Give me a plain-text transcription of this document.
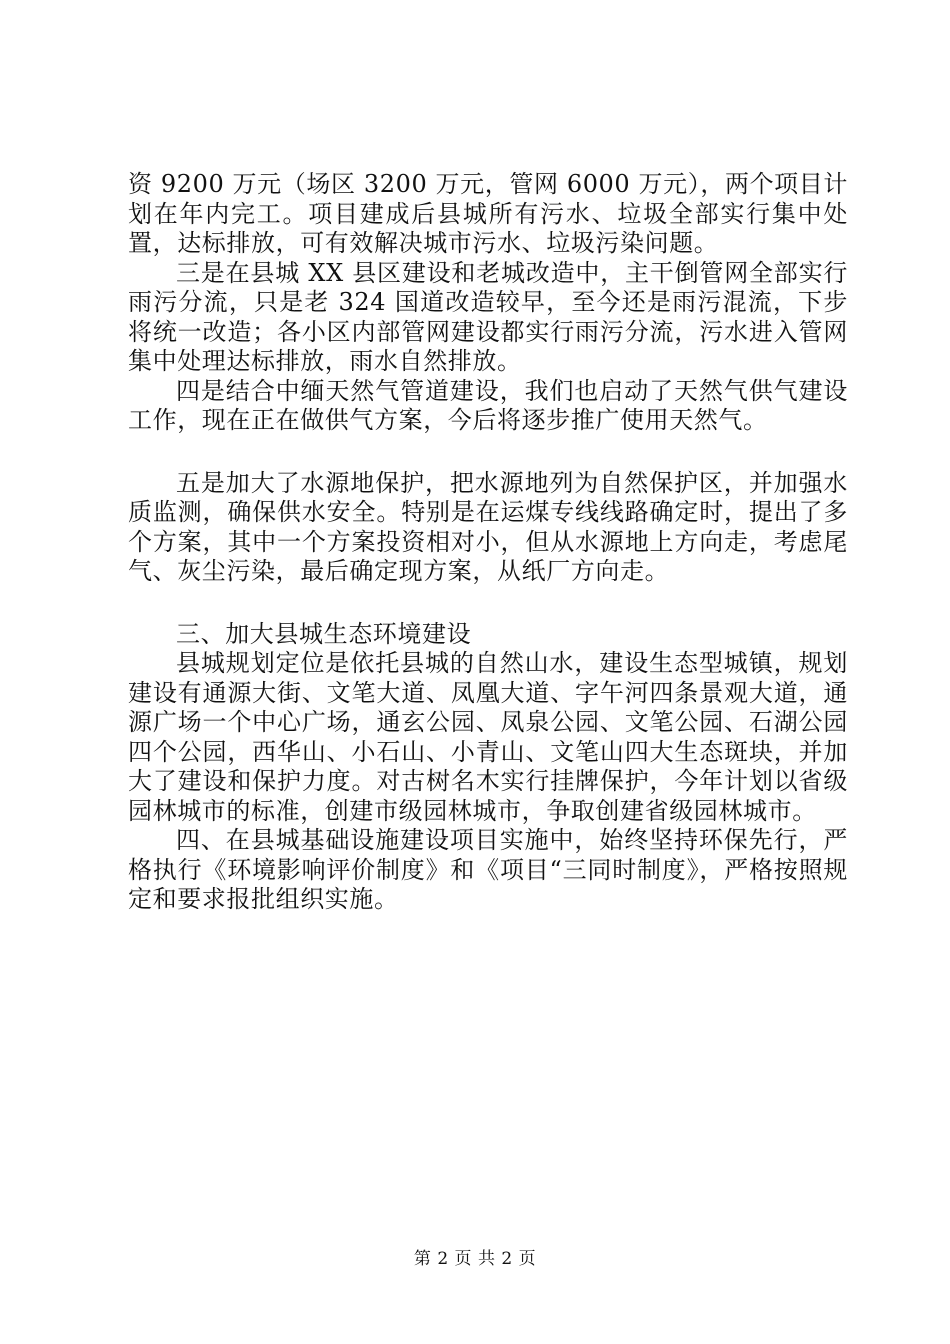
资 9200 万元（场区 3200 万元，管网 6000 万元），两个项目计划在年内完工。项目建成后县城所有污水、垃圾全部实行集中处置，达标排放，可有效解决城市污水、垃圾污染问题。

三是在县城 XX 县区建设和老城改造中，主干倒管网全部实行雨污分流，只是老 324 国道改造较早，至今还是雨污混流，下步将统一改造；各小区内部管网建设都实行雨污分流，污水进入管网集中处理达标排放，雨水自然排放。

四是结合中缅天然气管道建设，我们也启动了天然气供气建设工作，现在正在做供气方案，今后将逐步推广使用天然气。

五是加大了水源地保护，把水源地列为自然保护区，并加强水质监测，确保供水安全。特别是在运煤专线线路确定时，提出了多个方案，其中一个方案投资相对小，但从水源地上方向走，考虑尾气、灰尘污染，最后确定现方案，从纸厂方向走。

三、加大县城生态环境建设

县城规划定位是依托县城的自然山水，建设生态型城镇，规划建设有通源大街、文笔大道、凤凰大道、字午河四条景观大道，通源广场一个中心广场，通玄公园、凤泉公园、文笔公园、石湖公园四个公园，西华山、小石山、小青山、文笔山四大生态斑块，并加大了建设和保护力度。对古树名木实行挂牌保护，今年计划以省级园林城市的标准，创建市级园林城市，争取创建省级园林城市。

四、在县城基础设施建设项目实施中，始终坚持环保先行，严格执行《环境影响评价制度》和《项目“三同时制度》，严格按照规定和要求报批组织实施。

第 2 页 共 2 页
